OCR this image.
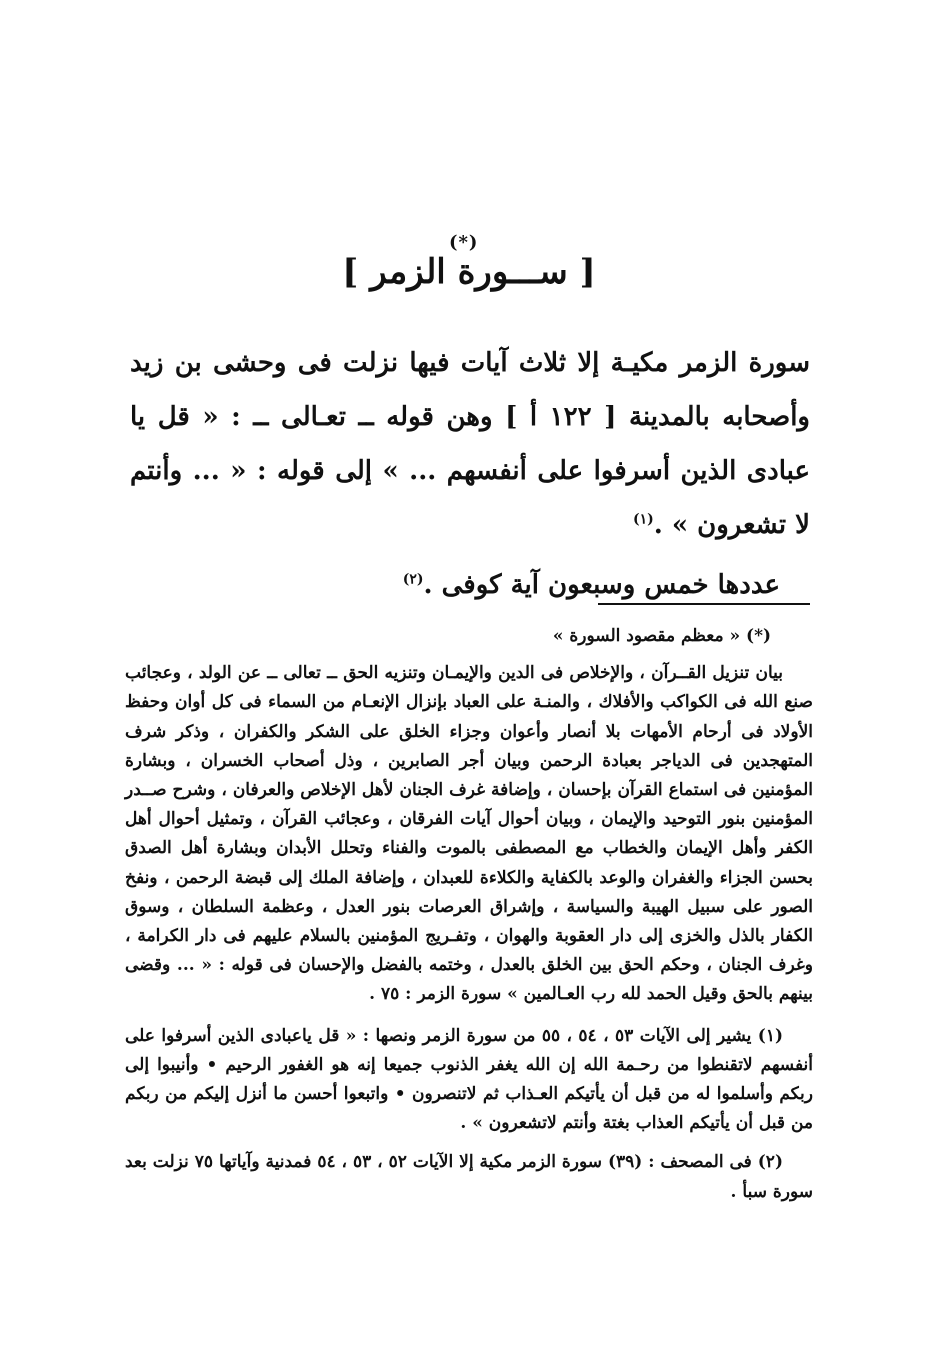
(*)
[ ســـورة الزمر ]

سورة الزمر مكيـة إلا ثلاث آيات فيها نزلت فى وحشى بن زيد وأصحابه بالمدينة [ ١٢٢ أ ] وهن قوله ــ تعـالى ــ : « قل يا عبادى الذين أسرفوا على أنفسهم ... » إلى قوله : « ... وأنتم لا تشعرون » .$^{(١)}$

عددها خمس وسبعون آية كوفى .$^{(٢)}$

(*) « معظم مقصود السورة »

بيان تنزيل القــرآن ، والإخلاص فى الدين والإيمـان وتنزيه الحق ــ تعالى ــ عن الولد ، وعجائب صنع الله فى الكواكب والأفلاك ، والمنـة على العباد بإنزال الإنعـام من السماء فى كل أوان وحفظ الأولاد فى أرحام الأمهات بلا أنصار وأعوان وجزاء الخلق على الشكر والكفران ، وذكر شرف المتهجدين فى الدياجر بعبادة الرحمن وبيان أجر الصابرين ، وذل أصحاب الخسران ، وبشارة المؤمنين فى استماع القرآن بإحسان ، وإضافة غرف الجنان لأهل الإخلاص والعرفان ، وشرح صــدر المؤمنين بنور التوحيد والإيمان ، وبيان أحوال آيات الفرقان ، وعجائب القرآن ، وتمثيل أحوال أهل الكفر وأهل الإيمان والخطاب مع المصطفى بالموت والفناء وتحلل الأبدان وبشارة أهل الصدق بحسن الجزاء والغفران والوعد بالكفاية والكلاءة للعبدان ، وإضافة الملك إلى قبضة الرحمن ، ونفخ الصور على سبيل الهيبة والسياسة ، وإشراق العرصات بنور العدل ، وعظمة السلطان ، وسوق الكفار بالذل والخزى إلى دار العقوبة والهوان ، وتفـريج المؤمنين بالسلام عليهم فى دار الكرامة ، وغرف الجنان ، وحكم الحق بين الخلق بالعدل ، وختمه بالفضل والإحسان فى قوله : « ... وقضى بينهم بالحق وقيل الحمد لله رب العـالمين » سورة الزمر : ٧٥ .

(١) يشير إلى الآيات ٥٣ ، ٥٤ ، ٥٥ من سورة الزمر ونصها : « قل ياعبادى الذين أسرفوا على أنفسهم لاتقنطوا من رحـمة الله إن الله يغفر الذنوب جميعا إنه هو الغفور الرحيم • وأنيبوا إلى ربكم وأسلموا له من قبل أن يأتيكم العـذاب ثم لاتنصرون • واتبعوا أحسن ما أنزل إليكم من ربكم من قبل أن يأتيكم العذاب بغتة وأنتم لاتشعرون » .

(٢) فى المصحف : (٣٩) سورة الزمر مكية إلا الآيات ٥٢ ، ٥٣ ، ٥٤ فمدنية وآياتها ٧٥ نزلت بعد سورة سبأ .
